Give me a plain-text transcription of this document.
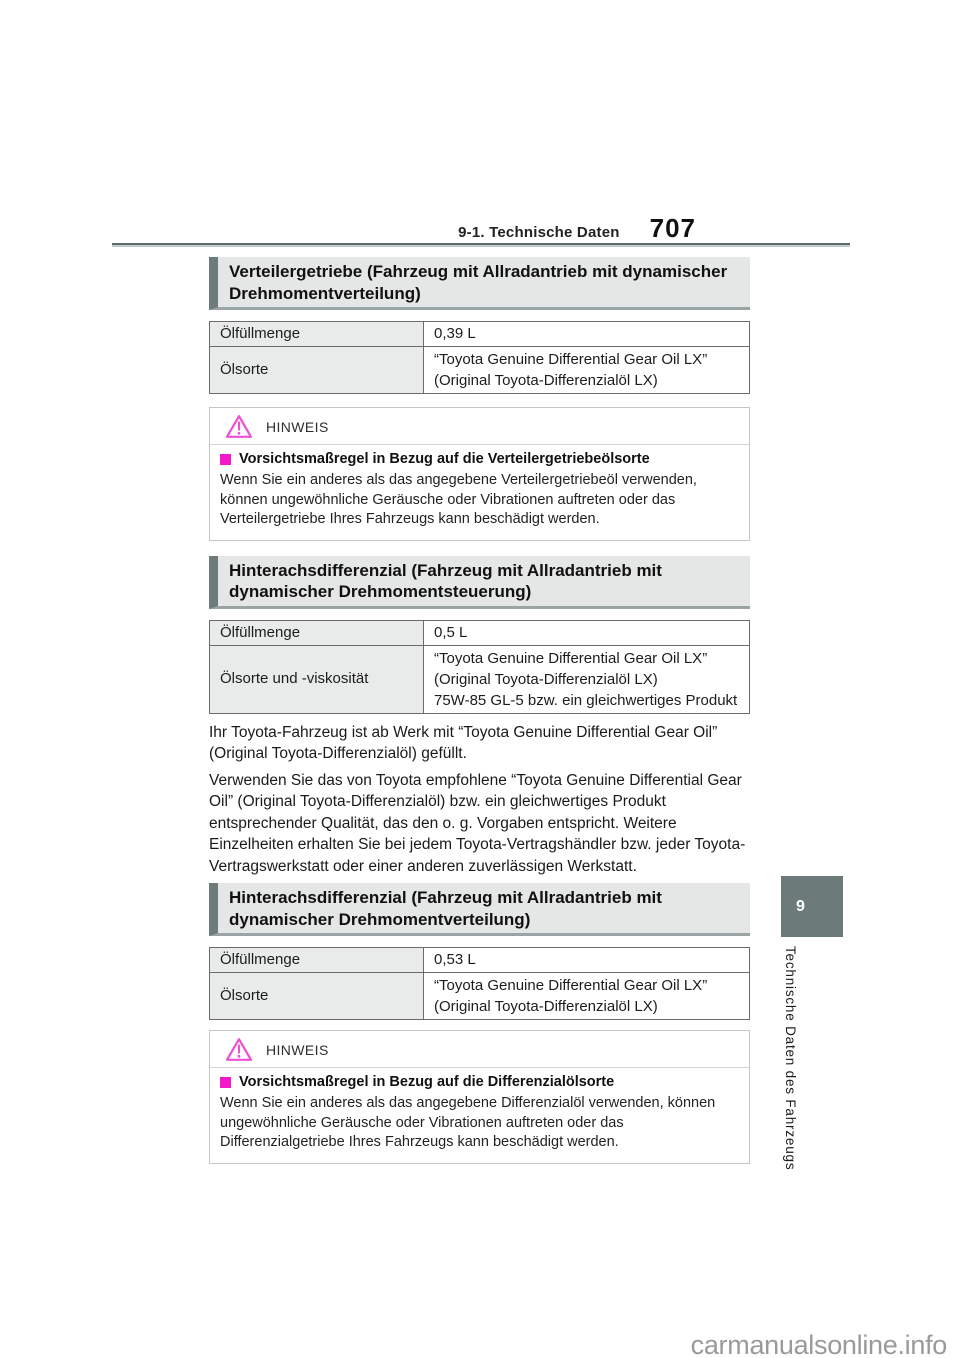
9-1. Technische Daten 707
Verteilergetriebe (Fahrzeug mit Allradantrieb mit dynamischer Drehmomentverteilung)
Ölfüllmenge	0,39 L
Ölsorte	“Toyota Genuine Differential Gear Oil LX” (Original Toyota-Differenzialöl LX)
HINWEIS
Vorsichtsmaßregel in Bezug auf die Verteilergetriebeölsorte
Wenn Sie ein anderes als das angegebene Verteilergetriebeöl verwenden, können ungewöhnliche Geräusche oder Vibrationen auftreten oder das Verteilergetriebe Ihres Fahrzeugs kann beschädigt werden.
Hinterachsdifferenzial (Fahrzeug mit Allradantrieb mit dynamischer Drehmomentsteuerung)
Ölfüllmenge	0,5 L
Ölsorte und -viskosität	“Toyota Genuine Differential Gear Oil LX” (Original Toyota-Differenzialöl LX)
75W-85 GL-5 bzw. ein gleichwertiges Produkt

Ihr Toyota-Fahrzeug ist ab Werk mit “Toyota Genuine Differential Gear Oil” (Original Toyota-Differenzialöl) gefüllt.

Verwenden Sie das von Toyota empfohlene “Toyota Genuine Differential Gear Oil” (Original Toyota-Differenzialöl) bzw. ein gleichwertiges Produkt entsprechender Qualität, das den o. g. Vorgaben entspricht. Weitere Einzelheiten erhalten Sie bei jedem Toyota-Vertragshändler bzw. jeder Toyota-Vertragswerkstatt oder einer anderen zuverlässigen Werkstatt.

Hinterachsdifferenzial (Fahrzeug mit Allradantrieb mit dynamischer Drehmomentverteilung)
Ölfüllmenge	0,53 L
Ölsorte	“Toyota Genuine Differential Gear Oil LX” (Original Toyota-Differenzialöl LX)
HINWEIS
Vorsichtsmaßregel in Bezug auf die Differenzialölsorte
Wenn Sie ein anderes als das angegebene Differenzialöl verwenden, können ungewöhnliche Geräusche oder Vibrationen auftreten oder das Differenzialgetriebe Ihres Fahrzeugs kann beschädigt werden.
9
Technische Daten des Fahrzeugs
carmanualsonline.info
